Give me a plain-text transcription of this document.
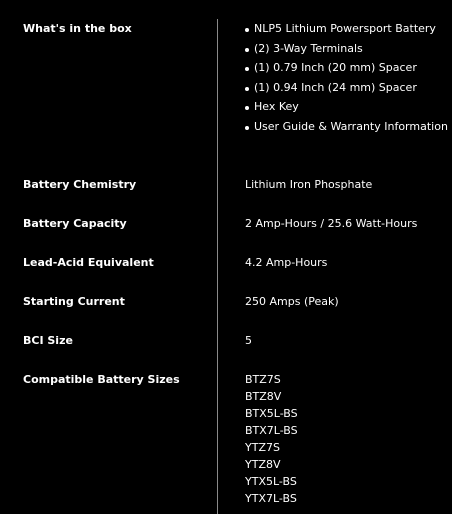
What's in the box	NLP5 Lithium Powersport Battery
(2) 3-Way Terminals
(1) 0.79 Inch (20 mm) Spacer
(1) 0.94 Inch (24 mm) Spacer
Hex Key
User Guide & Warranty Information
Battery Chemistry	Lithium Iron Phosphate
Battery Capacity	2 Amp-Hours / 25.6 Watt-Hours
Lead-Acid Equivalent	4.2 Amp-Hours
Starting Current	250 Amps (Peak)
BCI Size	5
Compatible Battery Sizes	BTZ7S
BTZ8V
BTX5L-BS
BTX7L-BS
YTZ7S
YTZ8V
YTX5L-BS
YTX7L-BS
